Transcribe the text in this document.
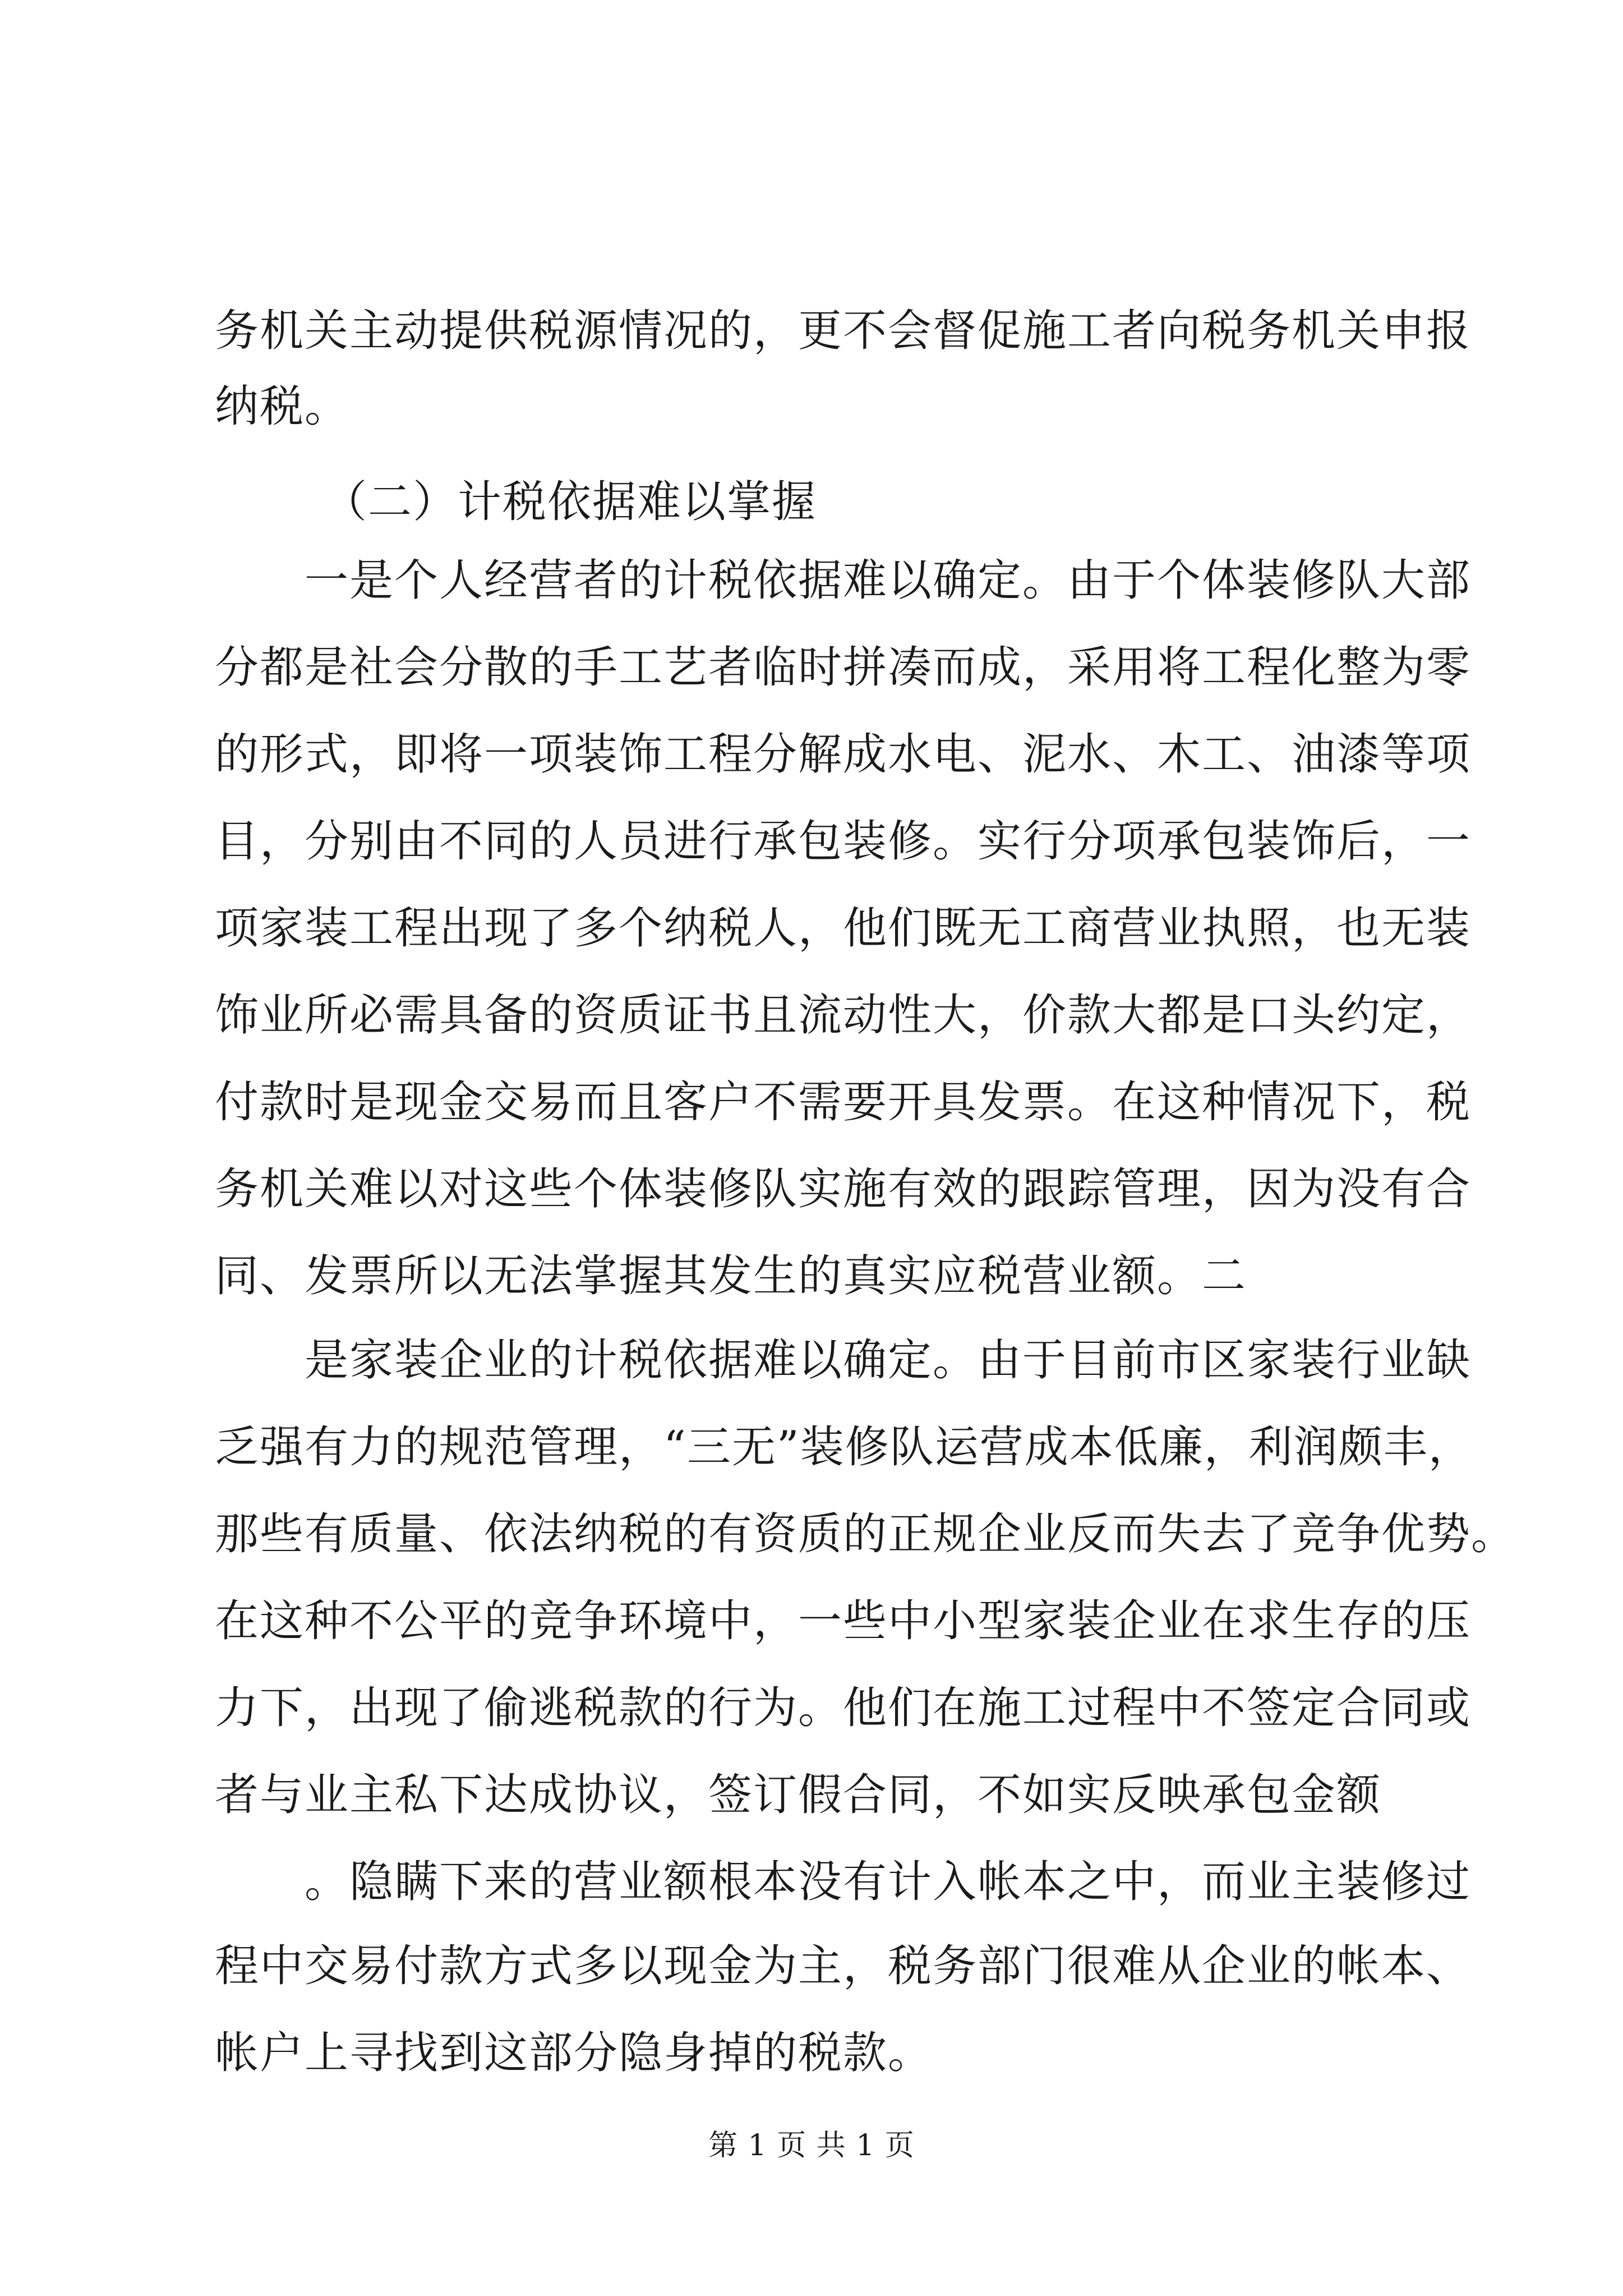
务机关主动提供税源情况的，更不会督促施工者向税务机关申报
纳税。
（二）计税依据难以掌握
一是个人经营者的计税依据难以确定。由于个体装修队大部
分都是社会分散的手工艺者临时拼凑而成，采用将工程化整为零
的形式，即将一项装饰工程分解成水电、泥水、木工、油漆等项
目，分别由不同的人员进行承包装修。实行分项承包装饰后，一
项家装工程出现了多个纳税人，他们既无工商营业执照，也无装
饰业所必需具备的资质证书且流动性大，价款大都是口头约定，
付款时是现金交易而且客户不需要开具发票。在这种情况下，税
务机关难以对这些个体装修队实施有效的跟踪管理，因为没有合
同、发票所以无法掌握其发生的真实应税营业额。二
是家装企业的计税依据难以确定。由于目前市区家装行业缺
乏强有力的规范管理，“三无”装修队运营成本低廉，利润颇丰，
那些有质量、依法纳税的有资质的正规企业反而失去了竞争优势。
在这种不公平的竞争环境中，一些中小型家装企业在求生存的压
力下，出现了偷逃税款的行为。他们在施工过程中不签定合同或
者与业主私下达成协议，签订假合同，不如实反映承包金额
。隐瞒下来的营业额根本没有计入帐本之中，而业主装修过
程中交易付款方式多以现金为主，税务部门很难从企业的帐本、
帐户上寻找到这部分隐身掉的税款。
第 1 页 共 1 页
